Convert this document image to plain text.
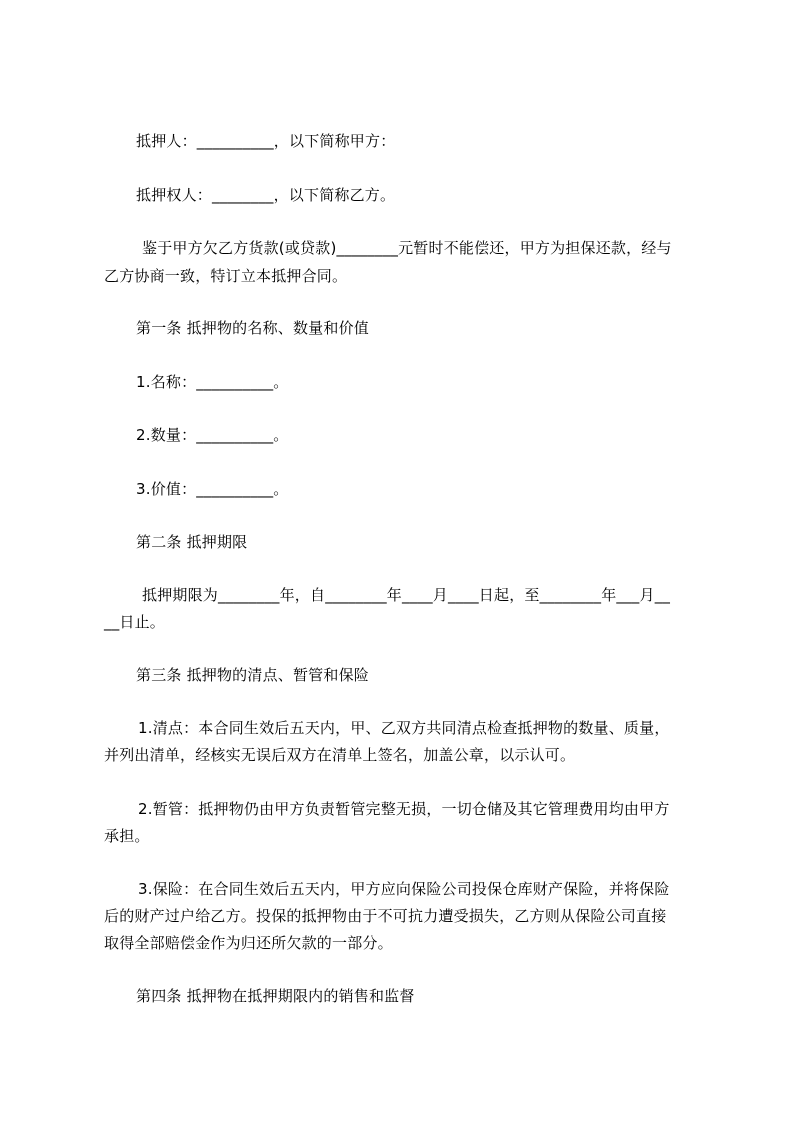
抵押人：__________，以下简称甲方：
抵押权人：________，以下简称乙方。
鉴于甲方欠乙方货款(或贷款)________元暂时不能偿还，甲方为担保还款，经与
乙方协商一致，特订立本抵押合同。
第一条 抵押物的名称、数量和价值
1.名称：__________。
2.数量：__________。
3.价值：__________。
第二条 抵押期限
抵押期限为________年，自________年____月____日起，至________年___月__
__日止。
第三条 抵押物的清点、暂管和保险
1.清点：本合同生效后五天内，甲、乙双方共同清点检查抵押物的数量、质量，
并列出清单，经核实无误后双方在清单上签名，加盖公章，以示认可。
2.暂管：抵押物仍由甲方负责暂管完整无损，一切仓储及其它管理费用均由甲方
承担。
3.保险：在合同生效后五天内，甲方应向保险公司投保仓库财产保险，并将保险
后的财产过户给乙方。投保的抵押物由于不可抗力遭受损失，乙方则从保险公司直接
取得全部赔偿金作为归还所欠款的一部分。
第四条 抵押物在抵押期限内的销售和监督
